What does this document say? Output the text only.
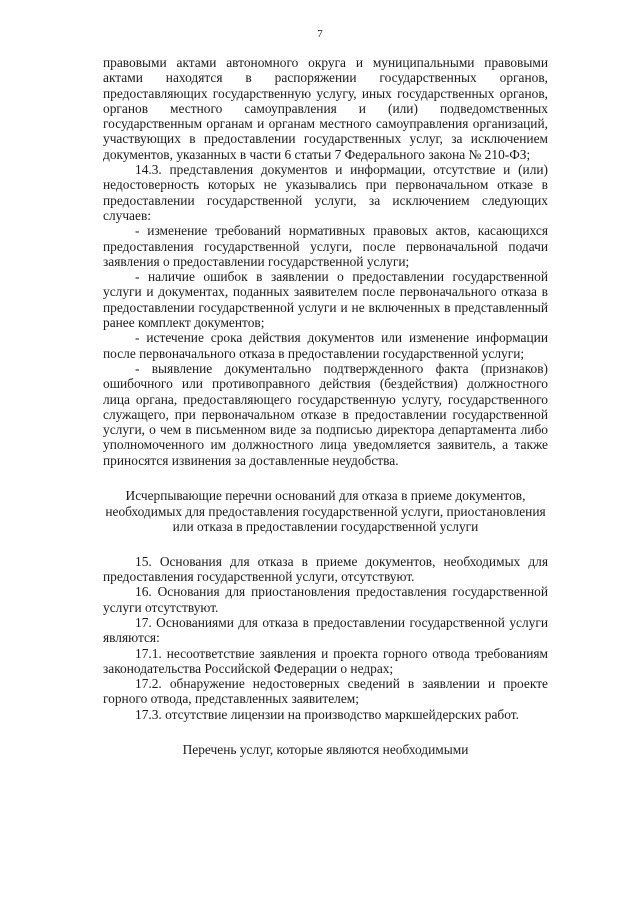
7

правовыми актами автономного округа и муниципальными правовыми актами находятся в распоряжении государственных органов, предоставляющих государственную услугу, иных государственных органов, органов местного самоуправления и (или) подведомственных государственным органам и органам местного самоуправления организаций, участвующих в предоставлении государственных услуг, за исключением документов, указанных в части 6 статьи 7 Федерального закона № 210-ФЗ;

14.3. представления документов и информации, отсутствие и (или) недостоверность которых не указывались при первоначальном отказе в предоставлении государственной услуги, за исключением следующих случаев:

- изменение требований нормативных правовых актов, касающихся предоставления государственной услуги, после первоначальной подачи заявления о предоставлении государственной услуги;

- наличие ошибок в заявлении о предоставлении государственной услуги и документах, поданных заявителем после первоначального отказа в предоставлении государственной услуги и не включенных в представленный ранее комплект документов;

- истечение срока действия документов или изменение информации после первоначального отказа в предоставлении государственной услуги;

- выявление документально подтвержденного факта (признаков) ошибочного или противоправного действия (бездействия) должностного лица органа, предоставляющего государственную услугу, государственного служащего, при первоначальном отказе в предоставлении государственной услуги, о чем в письменном виде за подписью директора департамента либо уполномоченного им должностного лица уведомляется заявитель, а также приносятся извинения за доставленные неудобства.

Исчерпывающие перечни оснований для отказа в приеме документов, необходимых для предоставления государственной услуги, приостановления или отказа в предоставлении государственной услуги

15. Основания для отказа в приеме документов, необходимых для предоставления государственной услуги, отсутствуют.

16. Основания для приостановления предоставления государственной услуги отсутствуют.

17. Основаниями для отказа в предоставлении государственной услуги являются:

17.1. несоответствие заявления и проекта горного отвода требованиям законодательства Российской Федерации о недрах;

17.2. обнаружение недостоверных сведений в заявлении и проекте горного отвода, представленных заявителем;

17.3. отсутствие лицензии на производство маркшейдерских работ.

Перечень услуг, которые являются необходимыми
